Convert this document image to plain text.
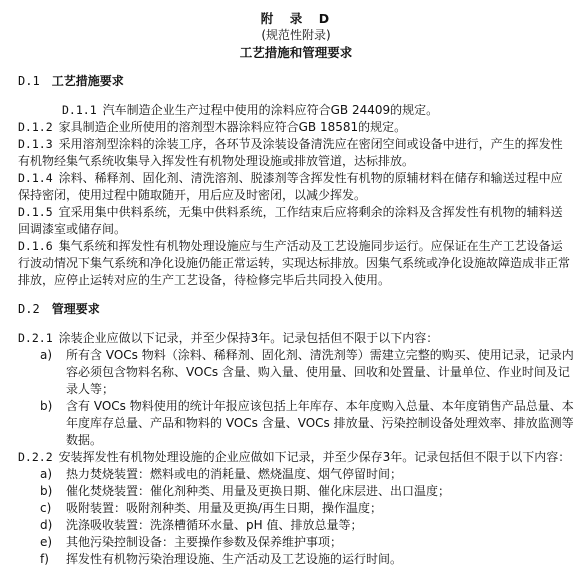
附　录　D
(规范性附录)
工艺措施和管理要求
D.1 工艺措施要求

D.1.1 汽车制造企业生产过程中使用的涂料应符合GB 24409的规定。

D.1.2 家具制造企业所使用的溶剂型木器涂料应符合GB 18581的规定。

D.1.3 采用溶剂型涂料的涂装工序，各环节及涂装设备清洗应在密闭空间或设备中进行，产生的挥发性有机物经集气系统收集导入挥发性有机物处理设施或排放管道，达标排放。

D.1.4 涂料、稀释剂、固化剂、清洗溶剂、脱漆剂等含挥发性有机物的原辅材料在储存和输送过程中应保持密闭，使用过程中随取随开，用后应及时密闭，以减少挥发。

D.1.5 宜采用集中供料系统，无集中供料系统，工作结束后应将剩余的涂料及含挥发性有机物的辅料送回调漆室或储存间。

D.1.6 集气系统和挥发性有机物处理设施应与生产活动及工艺设施同步运行。应保证在生产工艺设备运行波动情况下集气系统和净化设施仍能正常运转，实现达标排放。因集气系统或净化设施故障造成非正常排放，应停止运转对应的生产工艺设备，待检修完毕后共同投入使用。

D.2 管理要求

D.2.1 涂装企业应做以下记录，并至少保持3年。记录包括但不限于以下内容：

a) 所有含 VOCs 物料（涂料、稀释剂、固化剂、清洗剂等）需建立完整的购买、使用记录，记录内容必须包含物料名称、VOCs 含量、购入量、使用量、回收和处置量、计量单位、作业时间及记录人等；
b) 含有 VOCs 物料使用的统计年报应该包括上年库存、本年度购入总量、本年度销售产品总量、本年度库存总量、产品和物料的 VOCs 含量、VOCs 排放量、污染控制设备处理效率、排放监测等数据。

D.2.2 安装挥发性有机物处理设施的企业应做如下记录，并至少保存3年。记录包括但不限于以下内容：

a) 热力焚烧装置：燃料或电的消耗量、燃烧温度、烟气停留时间；
b) 催化焚烧装置：催化剂种类、用量及更换日期、催化床层进、出口温度；
c) 吸附装置：吸附剂种类、用量及更换/再生日期，操作温度；
d) 洗涤吸收装置：洗涤槽循环水量、pH 值、排放总量等；
e) 其他污染控制设备：主要操作参数及保养维护事项；
f) 挥发性有机物污染治理设施、生产活动及工艺设施的运行时间。
